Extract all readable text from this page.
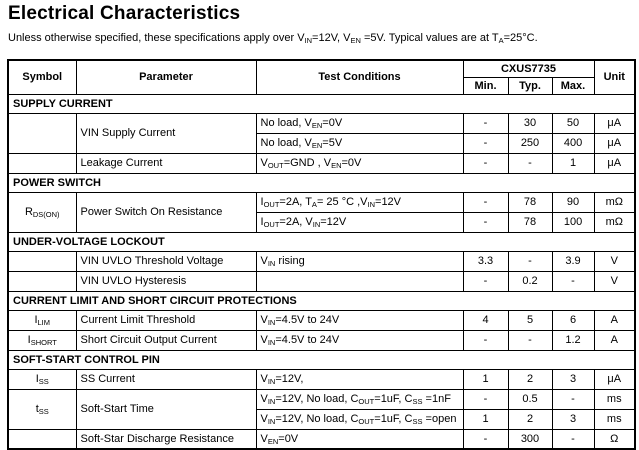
Electrical Characteristics

Unless otherwise specified, these specifications apply over $V_{IN}=12V$, $V_{EN} =5V$. Typical values are at $T_A=25^\circ C$.

Symbol	Parameter	Test Conditions	CXUS7735			Unit
			Min.	Typ.	Max.	
SUPPLY CURRENT						
	VIN Supply Current	No load, $V_{EN}=0V$	-	30	50	μA
		No load, $V_{EN}=5V$	-	250	400	μA
	Leakage Current	$V_{OUT}=GND$ , $V_{EN}=0V$	-	-	1	μA
POWER SWITCH						
$R_{DS(ON)}$	Power Switch On Resistance	$I_{OUT}=2A$, $T_A= 25$ °C $,V_{IN}=12V$	-	78	90	mΩ
		$I_{OUT}=2A$, $V_{IN}=12V$	-	78	100	mΩ
UNDER-VOLTAGE LOCKOUT						
	VIN UVLO Threshold Voltage	$V_{IN}$ rising	3.3	-	3.9	V
	VIN UVLO Hysteresis		-	0.2	-	V
CURRENT LIMIT AND SHORT CIRCUIT PROTECTIONS						
$I_{LIM}$	Current Limit Threshold	$V_{IN}=4.5V$ to 24V	4	5	6	A
$I_{SHORT}$	Short Circuit Output Current	$V_{IN}=4.5V$ to 24V	-	-	1.2	A
SOFT-START CONTROL PIN						
$I_{SS}$	SS Current	$V_{IN}=12V$,	1	2	3	μA
$t_{SS}$	Soft-Start Time	$V_{IN}=12V$, No load, $C_{OUT}=1uF$, $C_{SS} =1nF$	-	0.5	-	ms
		$V_{IN}=12V$, No load, $C_{OUT}=1uF$, $C_{SS}$ =open	1	2	3	ms
	Soft-Star Discharge Resistance	$V_{EN}=0V$	-	300	-	Ω
